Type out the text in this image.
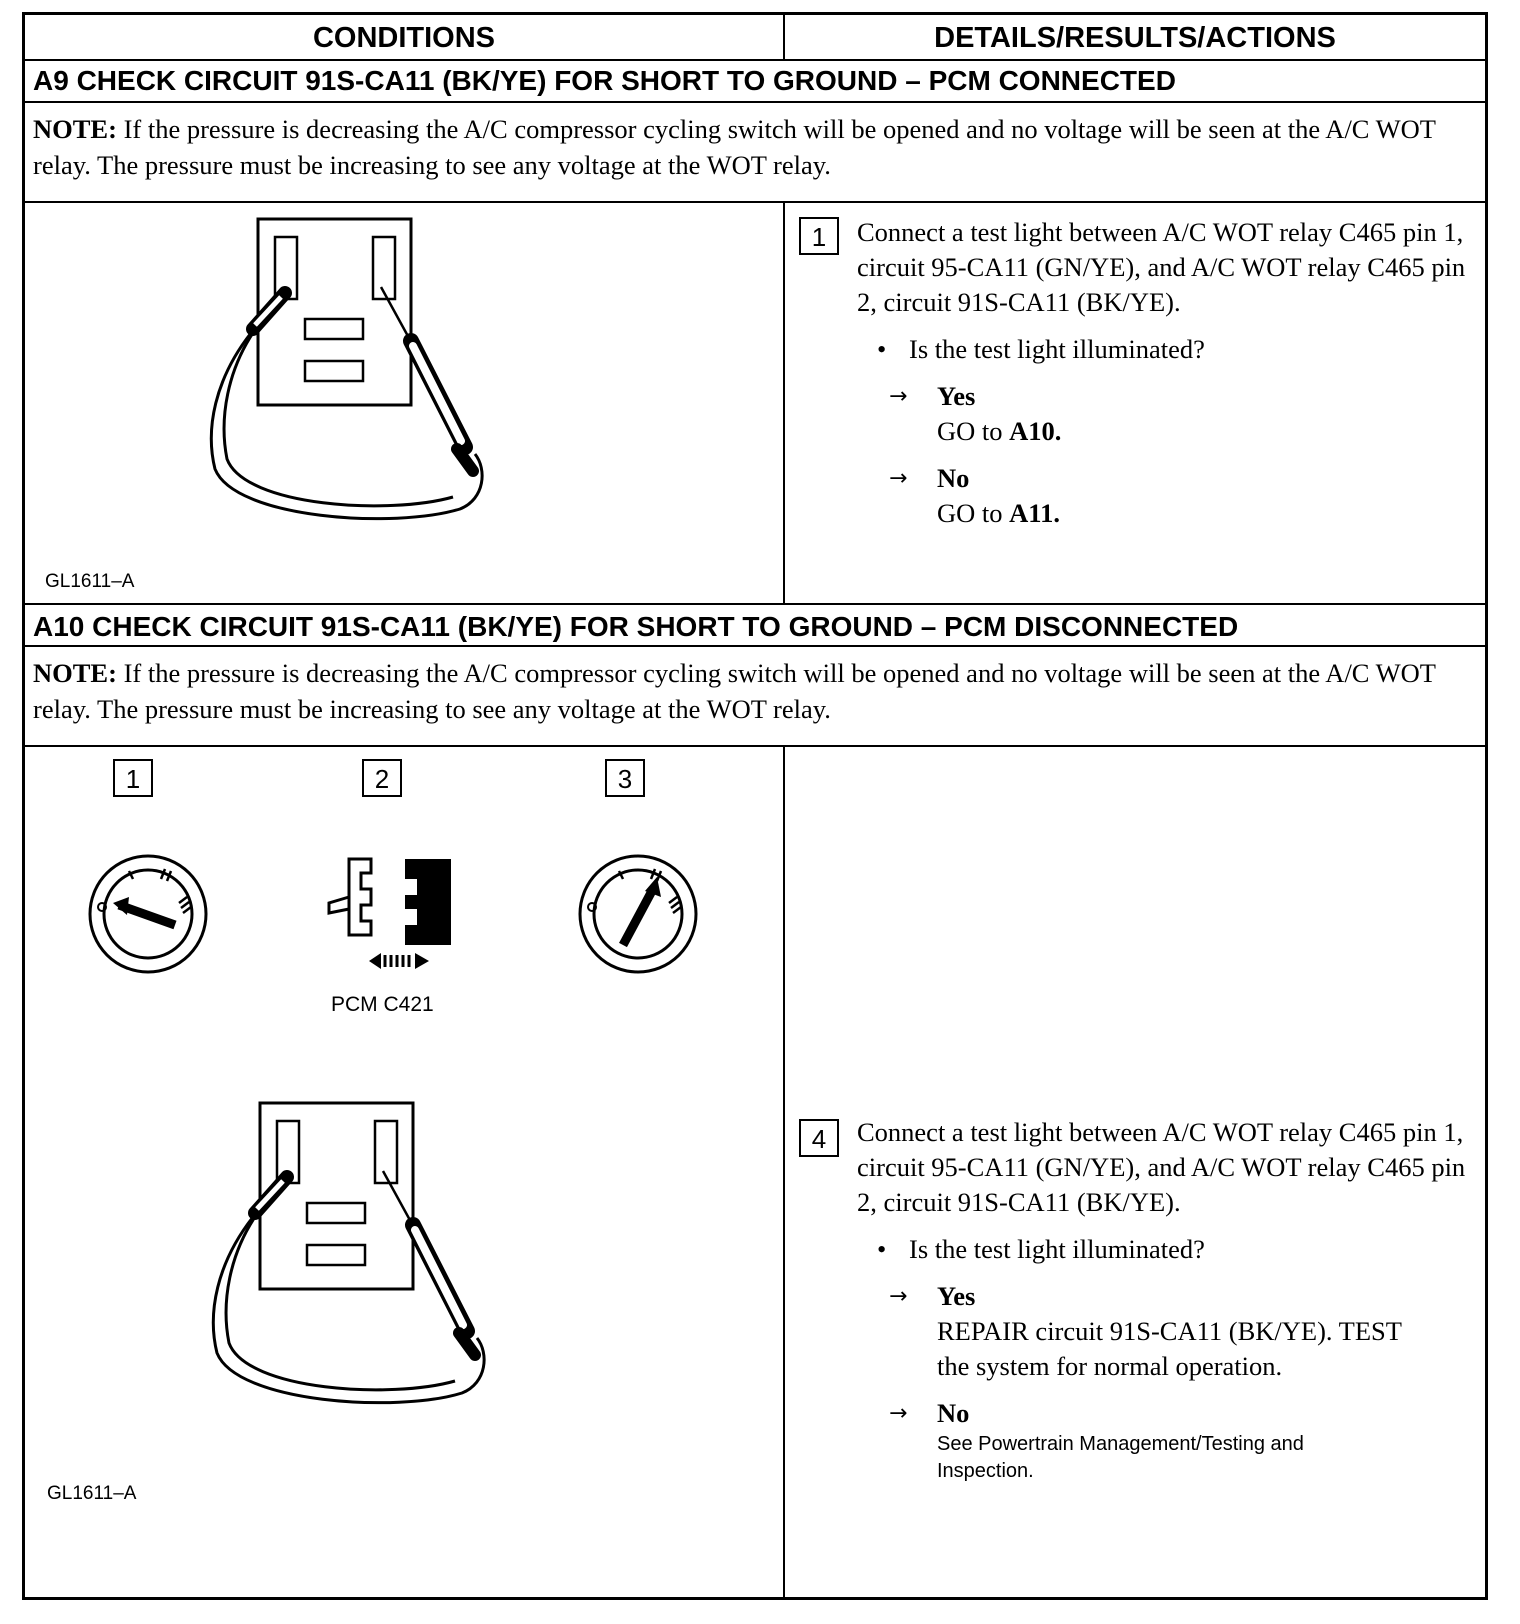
CONDITIONS	DETAILS/RESULTS/ACTIONS
A9 CHECK CIRCUIT 91S-CA11 (BK/YE) FOR SHORT TO GROUND – PCM CONNECTED
NOTE: If the pressure is decreasing the A/C compressor cycling switch will be opened and no voltage will be seen at the A/C WOT relay. The pressure must be increasing to see any voltage at the WOT relay.
GL1611–A
1	Connect a test light between A/C WOT relay C465 pin 1, circuit 95-CA11 (GN/YE), and A/C WOT relay C465 pin 2, circuit 91S-CA11 (BK/YE).
• Is the test light illuminated?
→ Yes
GO to A10.
→ No
GO to A11.
A10 CHECK CIRCUIT 91S-CA11 (BK/YE) FOR SHORT TO GROUND – PCM DISCONNECTED
NOTE: If the pressure is decreasing the A/C compressor cycling switch will be opened and no voltage will be seen at the A/C WOT relay. The pressure must be increasing to see any voltage at the WOT relay.
1	2	3
PCM C421
GL1611–A
4	Connect a test light between A/C WOT relay C465 pin 1, circuit 95-CA11 (GN/YE), and A/C WOT relay C465 pin 2, circuit 91S-CA11 (BK/YE).
• Is the test light illuminated?
→ Yes
REPAIR circuit 91S-CA11 (BK/YE). TEST the system for normal operation.
→ No
See Powertrain Management/Testing and Inspection.
